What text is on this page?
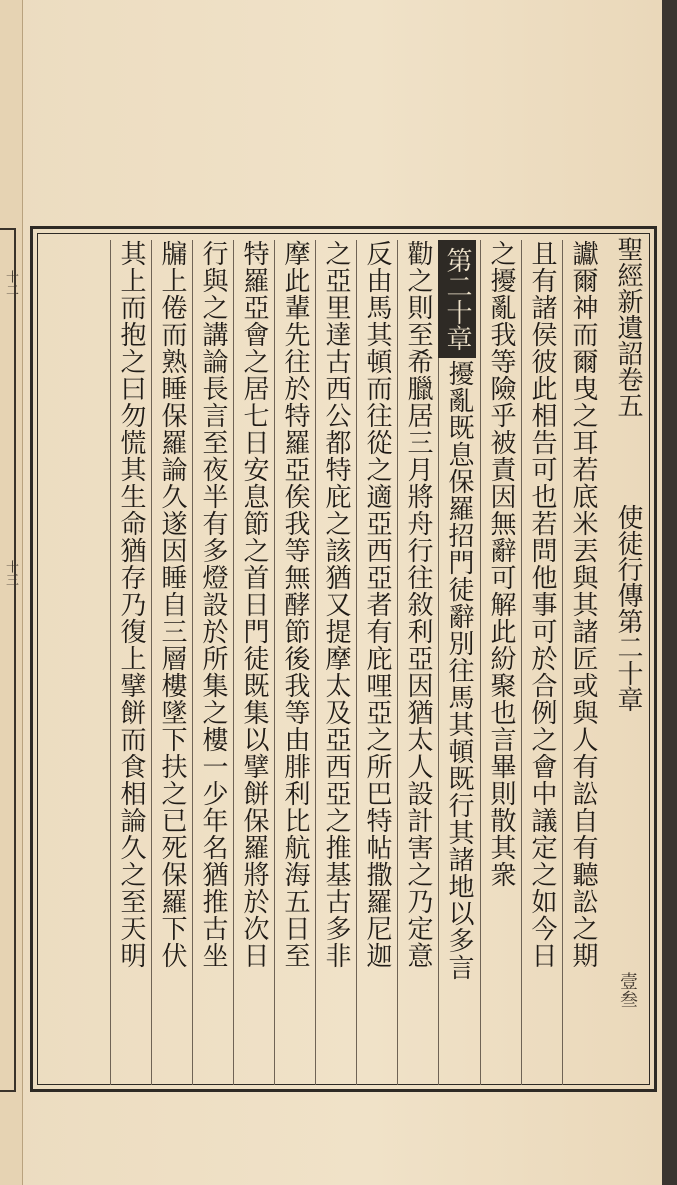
十二
十三
聖經新遺詔卷五 　 使徒行傳第二十章
壹叁
讞爾神而爾曳之耳若底米丟與其諸匠或與人有訟自有聽訟之期
且有諸侯彼此相告可也若問他事可於合例之會中議定之如今日
之擾亂我等險乎被責因無辭可解此紛聚也言畢則散其衆
擾亂既息保羅招門徒辭別往馬其頓既行其諸地以多言
勸之則至希臘居三月將舟行往敘利亞因猶太人設計害之乃定意
反由馬其頓而往從之適亞西亞者有庇哩亞之所巴特帖撒羅尼迦
之亞里達古西公都特庇之該猶又提摩太及亞西亞之推基古多非
摩此輩先往於特羅亞俟我等無酵節後我等由腓利比航海五日至
特羅亞會之居七日安息節之首日門徒既集以擘餅保羅將於次日
行與之講論長言至夜半有多燈設於所集之樓一少年名猶推古坐
牖上倦而熟睡保羅論久遂因睡自三層樓墜下扶之已死保羅下伏
其上而抱之曰勿慌其生命猶存乃復上擘餅而食相論久之至天明	第二十章
